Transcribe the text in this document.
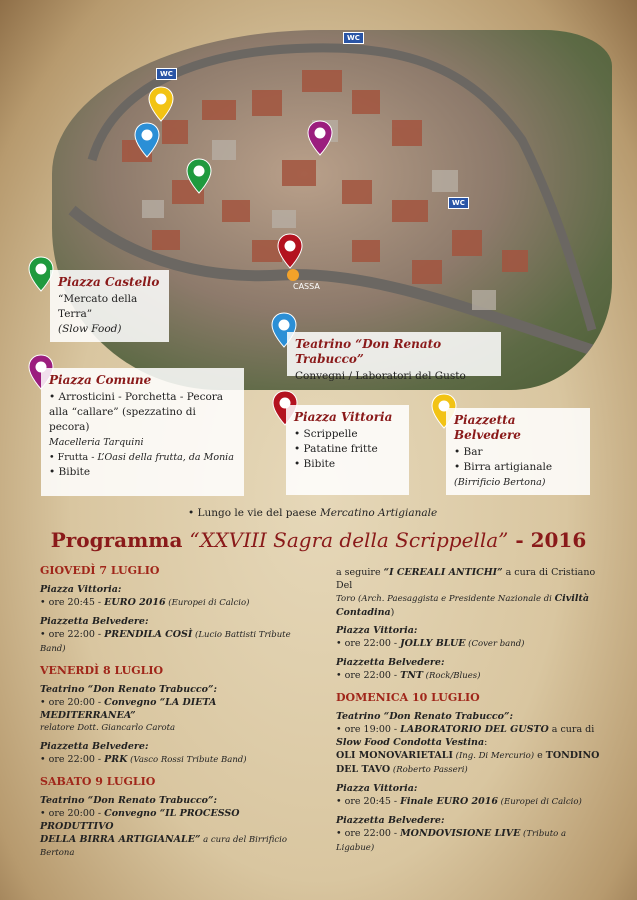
WC
WC
WC
CASSA
Piazza Castello
“Mercato della Terra”
(Slow Food)
Teatrino “Don Renato Trabucco”
Convegni / Laboratori del Gusto
Piazza Comune
• Arrosticini - Porchetta - Pecora
alla “callare” (spezzatino di pecora)
Macelleria Tarquini
• Frutta - L’Oasi della frutta, da Monia
• Bibite
Piazza Vittoria
• Scrippelle
• Patatine fritte
• Bibite
Piazzetta Belvedere
• Bar
• Birra artigianale
(Birrificio Bertona)
• Lungo le vie del paese Mercatino Artigianale
Programma “XXVIII Sagra della Scrippella” - 2016
GIOVEDÌ 7 LUGLIO
Piazza Vittoria:
• ore 20:45 - EURO 2016 (Europei di Calcio)
Piazzetta Belvedere:
• ore 22:00 - PRENDILA COSÌ (Lucio Battisti Tribute Band)
VENERDÌ 8 LUGLIO
Teatrino “Don Renato Trabucco”:
• ore 20:00 - Convegno “LA DIETA MEDITERRANEA”
relatore Dott. Giancarlo Carota
Piazzetta Belvedere:
• ore 22:00 - PRK (Vasco Rossi Tribute Band)
SABATO 9 LUGLIO
Teatrino “Don Renato Trabucco”:
• ore 20:00 - Convegno “IL PROCESSO PRODUTTIVO
DELLA BIRRA ARTIGIANALE” a cura del Birrificio
Bertona
a seguire “I CEREALI ANTICHI” a cura di Cristiano Del
Toro (Arch. Paesaggista e Presidente Nazionale di Civiltà
Contadina)
Piazza Vittoria:
• ore 22:00 - JOLLY BLUE (Cover band)
Piazzetta Belvedere:
• ore 22:00 - TNT (Rock/Blues)
DOMENICA 10 LUGLIO
Teatrino “Don Renato Trabucco”:
• ore 19:00 - LABORATORIO DEL GUSTO a cura di
Slow Food Condotta Vestina:
OLI MONOVARIETALI (Ing. Di Mercurio) e TONDINO
DEL TAVO (Roberto Passeri)
Piazza Vittoria:
• ore 20:45 - Finale EURO 2016 (Europei di Calcio)
Piazzetta Belvedere:
• ore 22:00 - MONDOVISIONE LIVE (Tributo a Ligabue)
